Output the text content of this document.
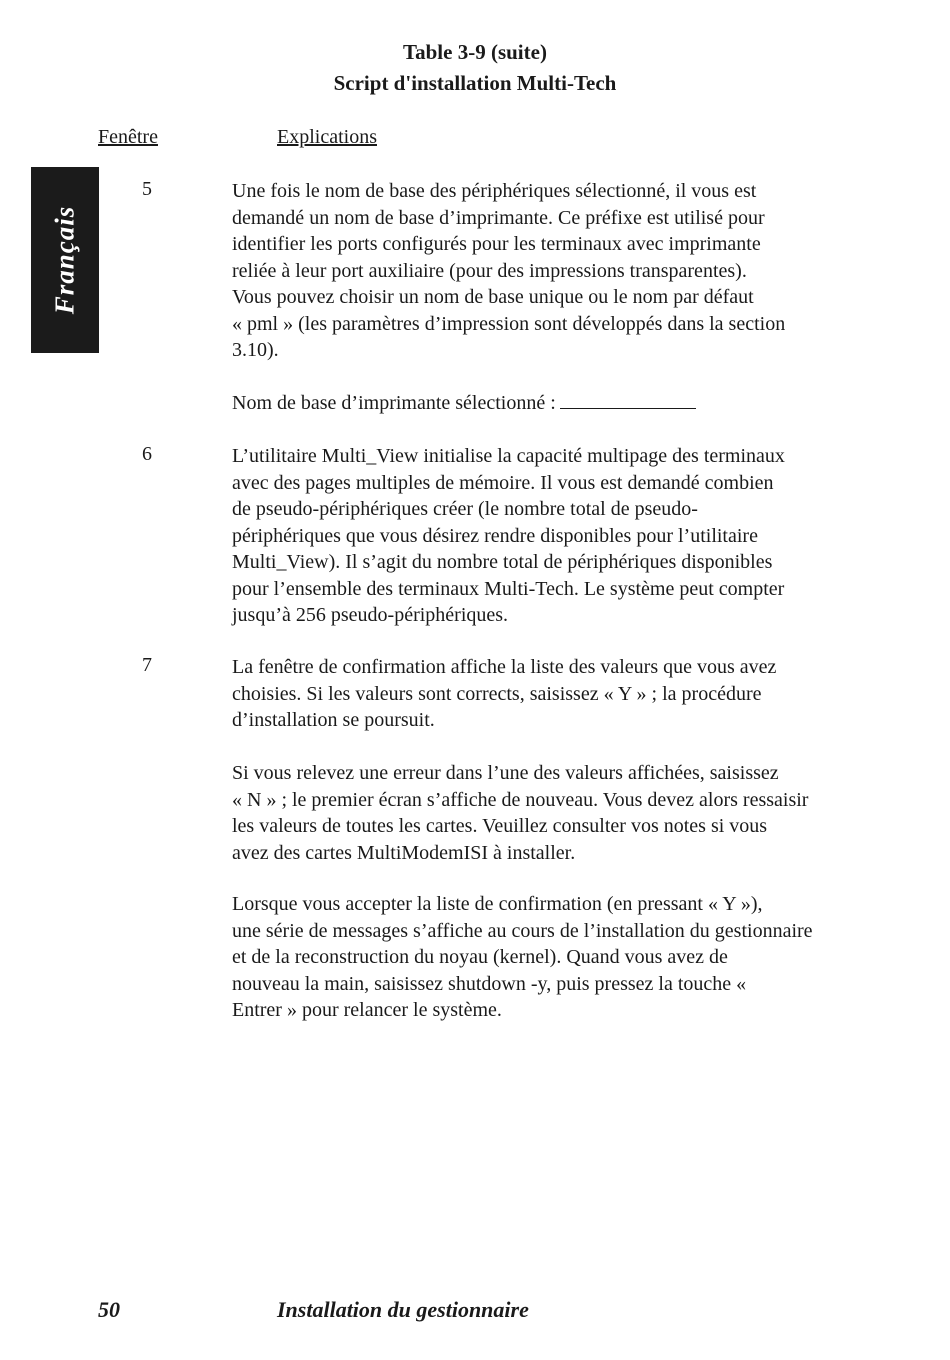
Table 3-9 (suite)
Script d'installation Multi-Tech
Fenêtre	Explications
Français
5	Une fois le nom de base des périphériques sélectionné, il vous est
demandé un nom de base d’imprimante. Ce préfixe est utilisé pour
identifier les ports configurés pour les terminaux avec imprimante
reliée à leur port auxiliaire (pour des impressions transparentes).
Vous pouvez choisir un nom de base unique ou le nom par défaut
« pml » (les paramètres d’impression sont développés dans la section
3.10).
Nom de base d’imprimante sélectionné :
6	L’utilitaire Multi_View initialise la capacité multipage des terminaux
avec des pages multiples de mémoire. Il vous est demandé combien
de pseudo-périphériques créer (le nombre total de pseudo-
périphériques que vous désirez rendre disponibles pour l’utilitaire
Multi_View). Il s’agit du nombre total de périphériques disponibles
pour l’ensemble des terminaux Multi-Tech. Le système peut compter
jusqu’à 256 pseudo-périphériques.
7	La fenêtre de confirmation affiche la liste des valeurs que vous avez
choisies. Si les valeurs sont corrects, saisissez « Y » ; la procédure
d’installation se poursuit.
Si vous relevez une erreur dans l’une des valeurs affichées, saisissez
« N » ; le premier écran s’affiche de nouveau. Vous devez alors ressaisir
les valeurs de toutes les cartes. Veuillez consulter vos notes si vous
avez des cartes MultiModemISI à installer.
Lorsque vous accepter la liste de confirmation (en pressant « Y »),
une série de messages s’affiche au cours de l’installation du gestionnaire
et de la reconstruction du noyau (kernel). Quand vous avez de
nouveau la main, saisissez shutdown -y, puis pressez la touche «
Entrer » pour relancer le système.
50	Installation du gestionnaire
